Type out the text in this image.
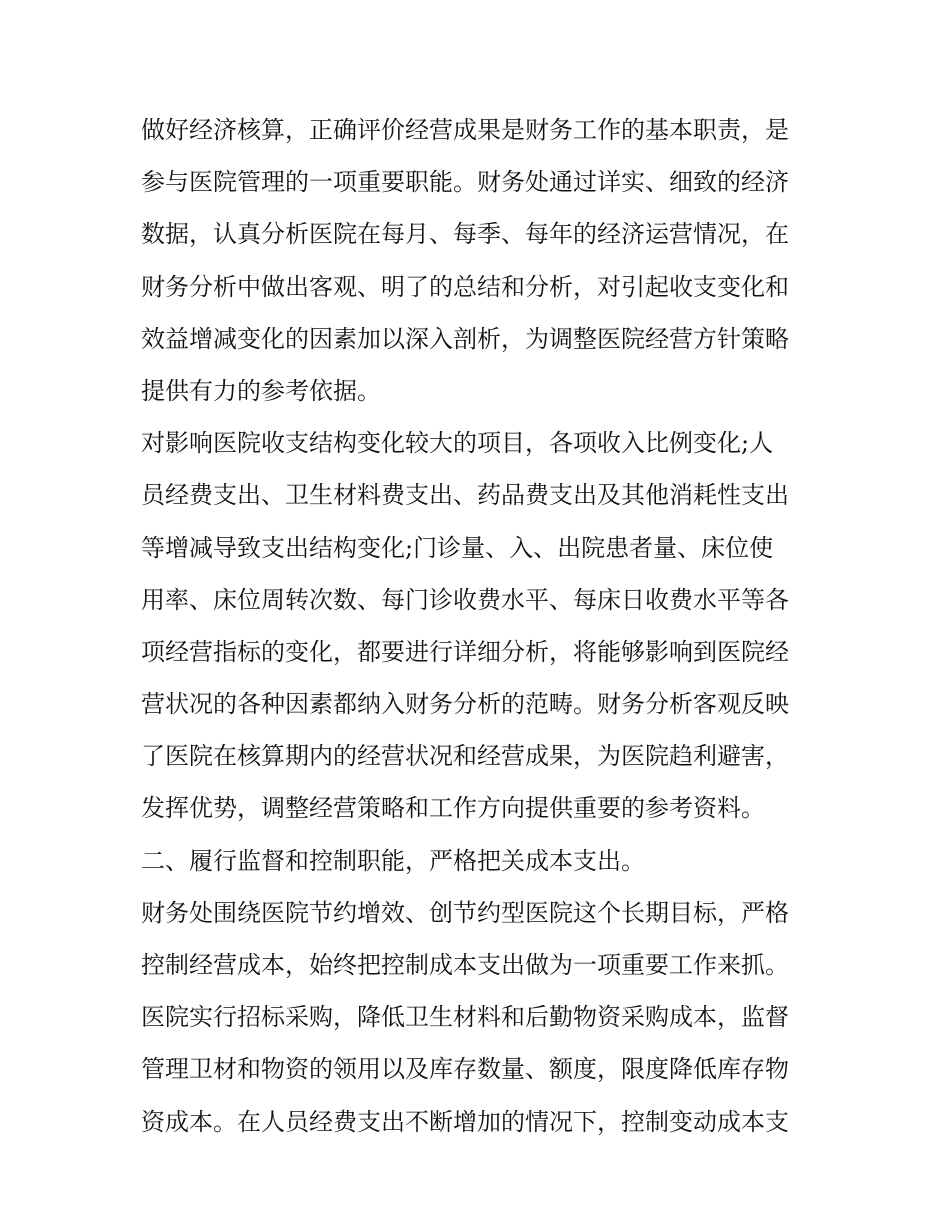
做好经济核算，正确评价经营成果是财务工作的基本职责，是
参与医院管理的一项重要职能。财务处通过详实、细致的经济
数据，认真分析医院在每月、每季、每年的经济运营情况，在
财务分析中做出客观、明了的总结和分析，对引起收支变化和
效益增减变化的因素加以深入剖析，为调整医院经营方针策略
提供有力的参考依据。
对影响医院收支结构变化较大的项目，各项收入比例变化;人
员经费支出、卫生材料费支出、药品费支出及其他消耗性支出
等增减导致支出结构变化;门诊量、入、出院患者量、床位使
用率、床位周转次数、每门诊收费水平、每床日收费水平等各
项经营指标的变化，都要进行详细分析，将能够影响到医院经
营状况的各种因素都纳入财务分析的范畴。财务分析客观反映
了医院在核算期内的经营状况和经营成果，为医院趋利避害，
发挥优势，调整经营策略和工作方向提供重要的参考资料。
二、履行监督和控制职能，严格把关成本支出。
财务处围绕医院节约增效、创节约型医院这个长期目标，严格
控制经营成本，始终把控制成本支出做为一项重要工作来抓。
医院实行招标采购，降低卫生材料和后勤物资采购成本，监督
管理卫材和物资的领用以及库存数量、额度，限度降低库存物
资成本。在人员经费支出不断增加的情况下，控制变动成本支
